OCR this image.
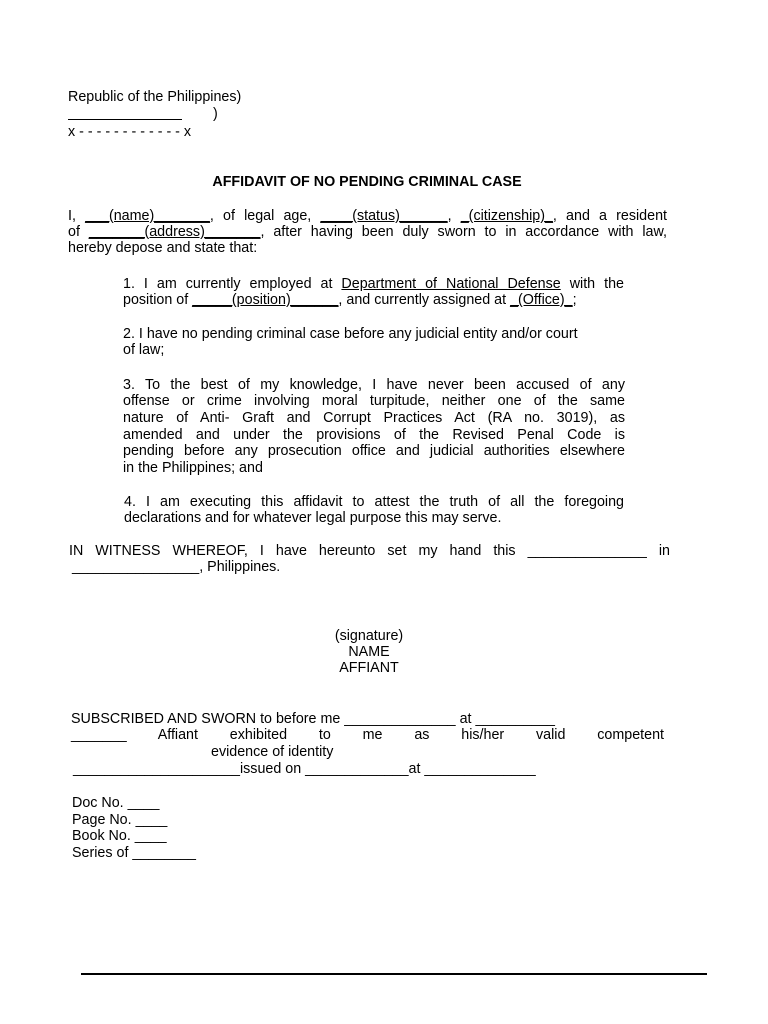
Republic of the Philippines)
)
x - - - - - - - - - - - - x
AFFIDAVIT OF NO PENDING CRIMINAL CASE
I, ___(name)_______, of legal age, ____(status)______, _(citizenship)_, and a resident
of _______(address)_______, after having been duly sworn to in accordance with law,
hereby depose and state that:
1. I am currently employed at Department of National Defense with the
position of _____(position)______, and currently assigned at _(Office)_;
2. I have no pending criminal case before any judicial entity and/or court
of law;
3. To the best of my knowledge, I have never been accused of any
offense or crime involving moral turpitude, neither one of the same
nature of Anti- Graft and Corrupt Practices Act (RA no. 3019), as
amended and under the provisions of the Revised Penal Code is
pending before any prosecution office and judicial authorities elsewhere
in the Philippines; and
4. I am executing this affidavit to attest the truth of all the foregoing
declarations and for whatever legal purpose this may serve.
IN WITNESS WHEREOF, I have hereunto set my hand this _______________ in
________________, Philippines.
(signature)
NAME
AFFIANT
SUBSCRIBED AND SWORN to before me ______________ at __________
_______ Affiant exhibited to me as his/her valid competent
evidence of identity
_____________________issued on _____________at ______________
Doc No. ____
Page No. ____
Book No. ____
Series of ________
